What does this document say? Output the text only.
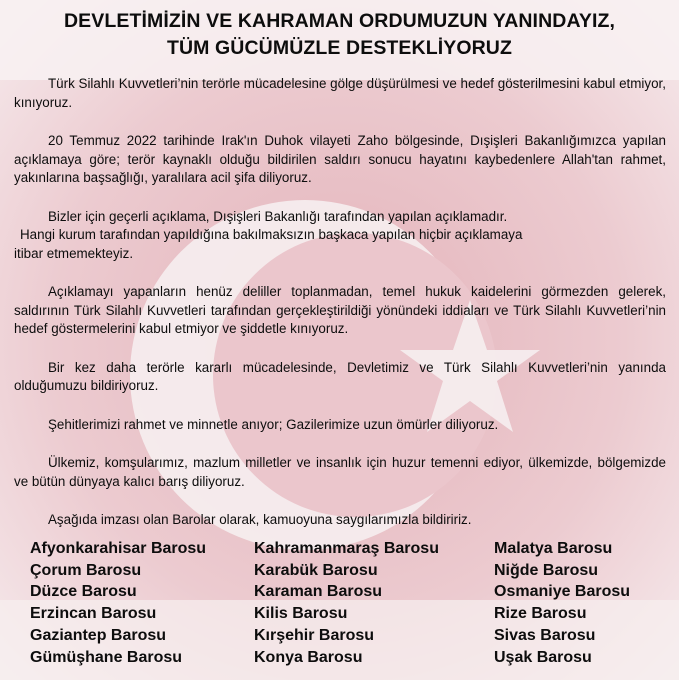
DEVLETİMİZİN VE KAHRAMAN ORDUMUZUN YANINDAYIZ,
TÜM GÜCÜMÜZLE DESTEKLİYORUZ

Türk Silahlı Kuvvetleri’nin terörle mücadelesine gölge düşürülmesi ve hedef gösterilmesini kabul etmiyor, kınıyoruz.

20 Temmuz 2022 tarihinde Irak'ın Duhok vilayeti Zaho bölgesinde, Dışişleri Bakanlığımızca yapılan açıklamaya göre; terör kaynaklı olduğu bildirilen saldırı sonucu hayatını kaybedenlere Allah'tan rahmet, yakınlarına başsağlığı, yaralılara acil şifa diliyoruz.

Bizler için geçerli açıklama, Dışişleri Bakanlığı tarafından yapılan açıklamadır.

Hangi kurum tarafından yapıldığına bakılmaksızın başkaca yapılan hiçbir açıklamaya

itibar etmemekteyiz.

Açıklamayı yapanların henüz deliller toplanmadan, temel hukuk kaidelerini görmezden gelerek, saldırının Türk Silahlı Kuvvetleri tarafından gerçekleştirildiği yönündeki iddiaları ve Türk Silahlı Kuvvetleri’nin hedef göstermelerini kabul etmiyor ve şiddetle kınıyoruz.

Bir kez daha terörle kararlı mücadelesinde, Devletimiz ve Türk Silahlı Kuvvetleri’nin yanında olduğumuzu bildiriyoruz.

Şehitlerimizi rahmet ve minnetle anıyor; Gazilerimize uzun ömürler diliyoruz.

Ülkemiz, komşularımız, mazlum milletler ve insanlık için huzur temenni ediyor, ülkemizde, bölgemizde ve bütün dünyaya kalıcı barış diliyoruz.

Aşağıda imzası olan Barolar olarak, kamuoyuna saygılarımızla bildiririz.

Afyonkarahisar Barosu
Çorum Barosu
Düzce Barosu
Erzincan Barosu
Gaziantep Barosu
Gümüşhane Barosu
Kahramanmaraş Barosu
Karabük Barosu
Karaman Barosu
Kilis Barosu
Kırşehir Barosu
Konya Barosu
Malatya Barosu
Niğde Barosu
Osmaniye Barosu
Rize Barosu
Sivas Barosu
Uşak Barosu
